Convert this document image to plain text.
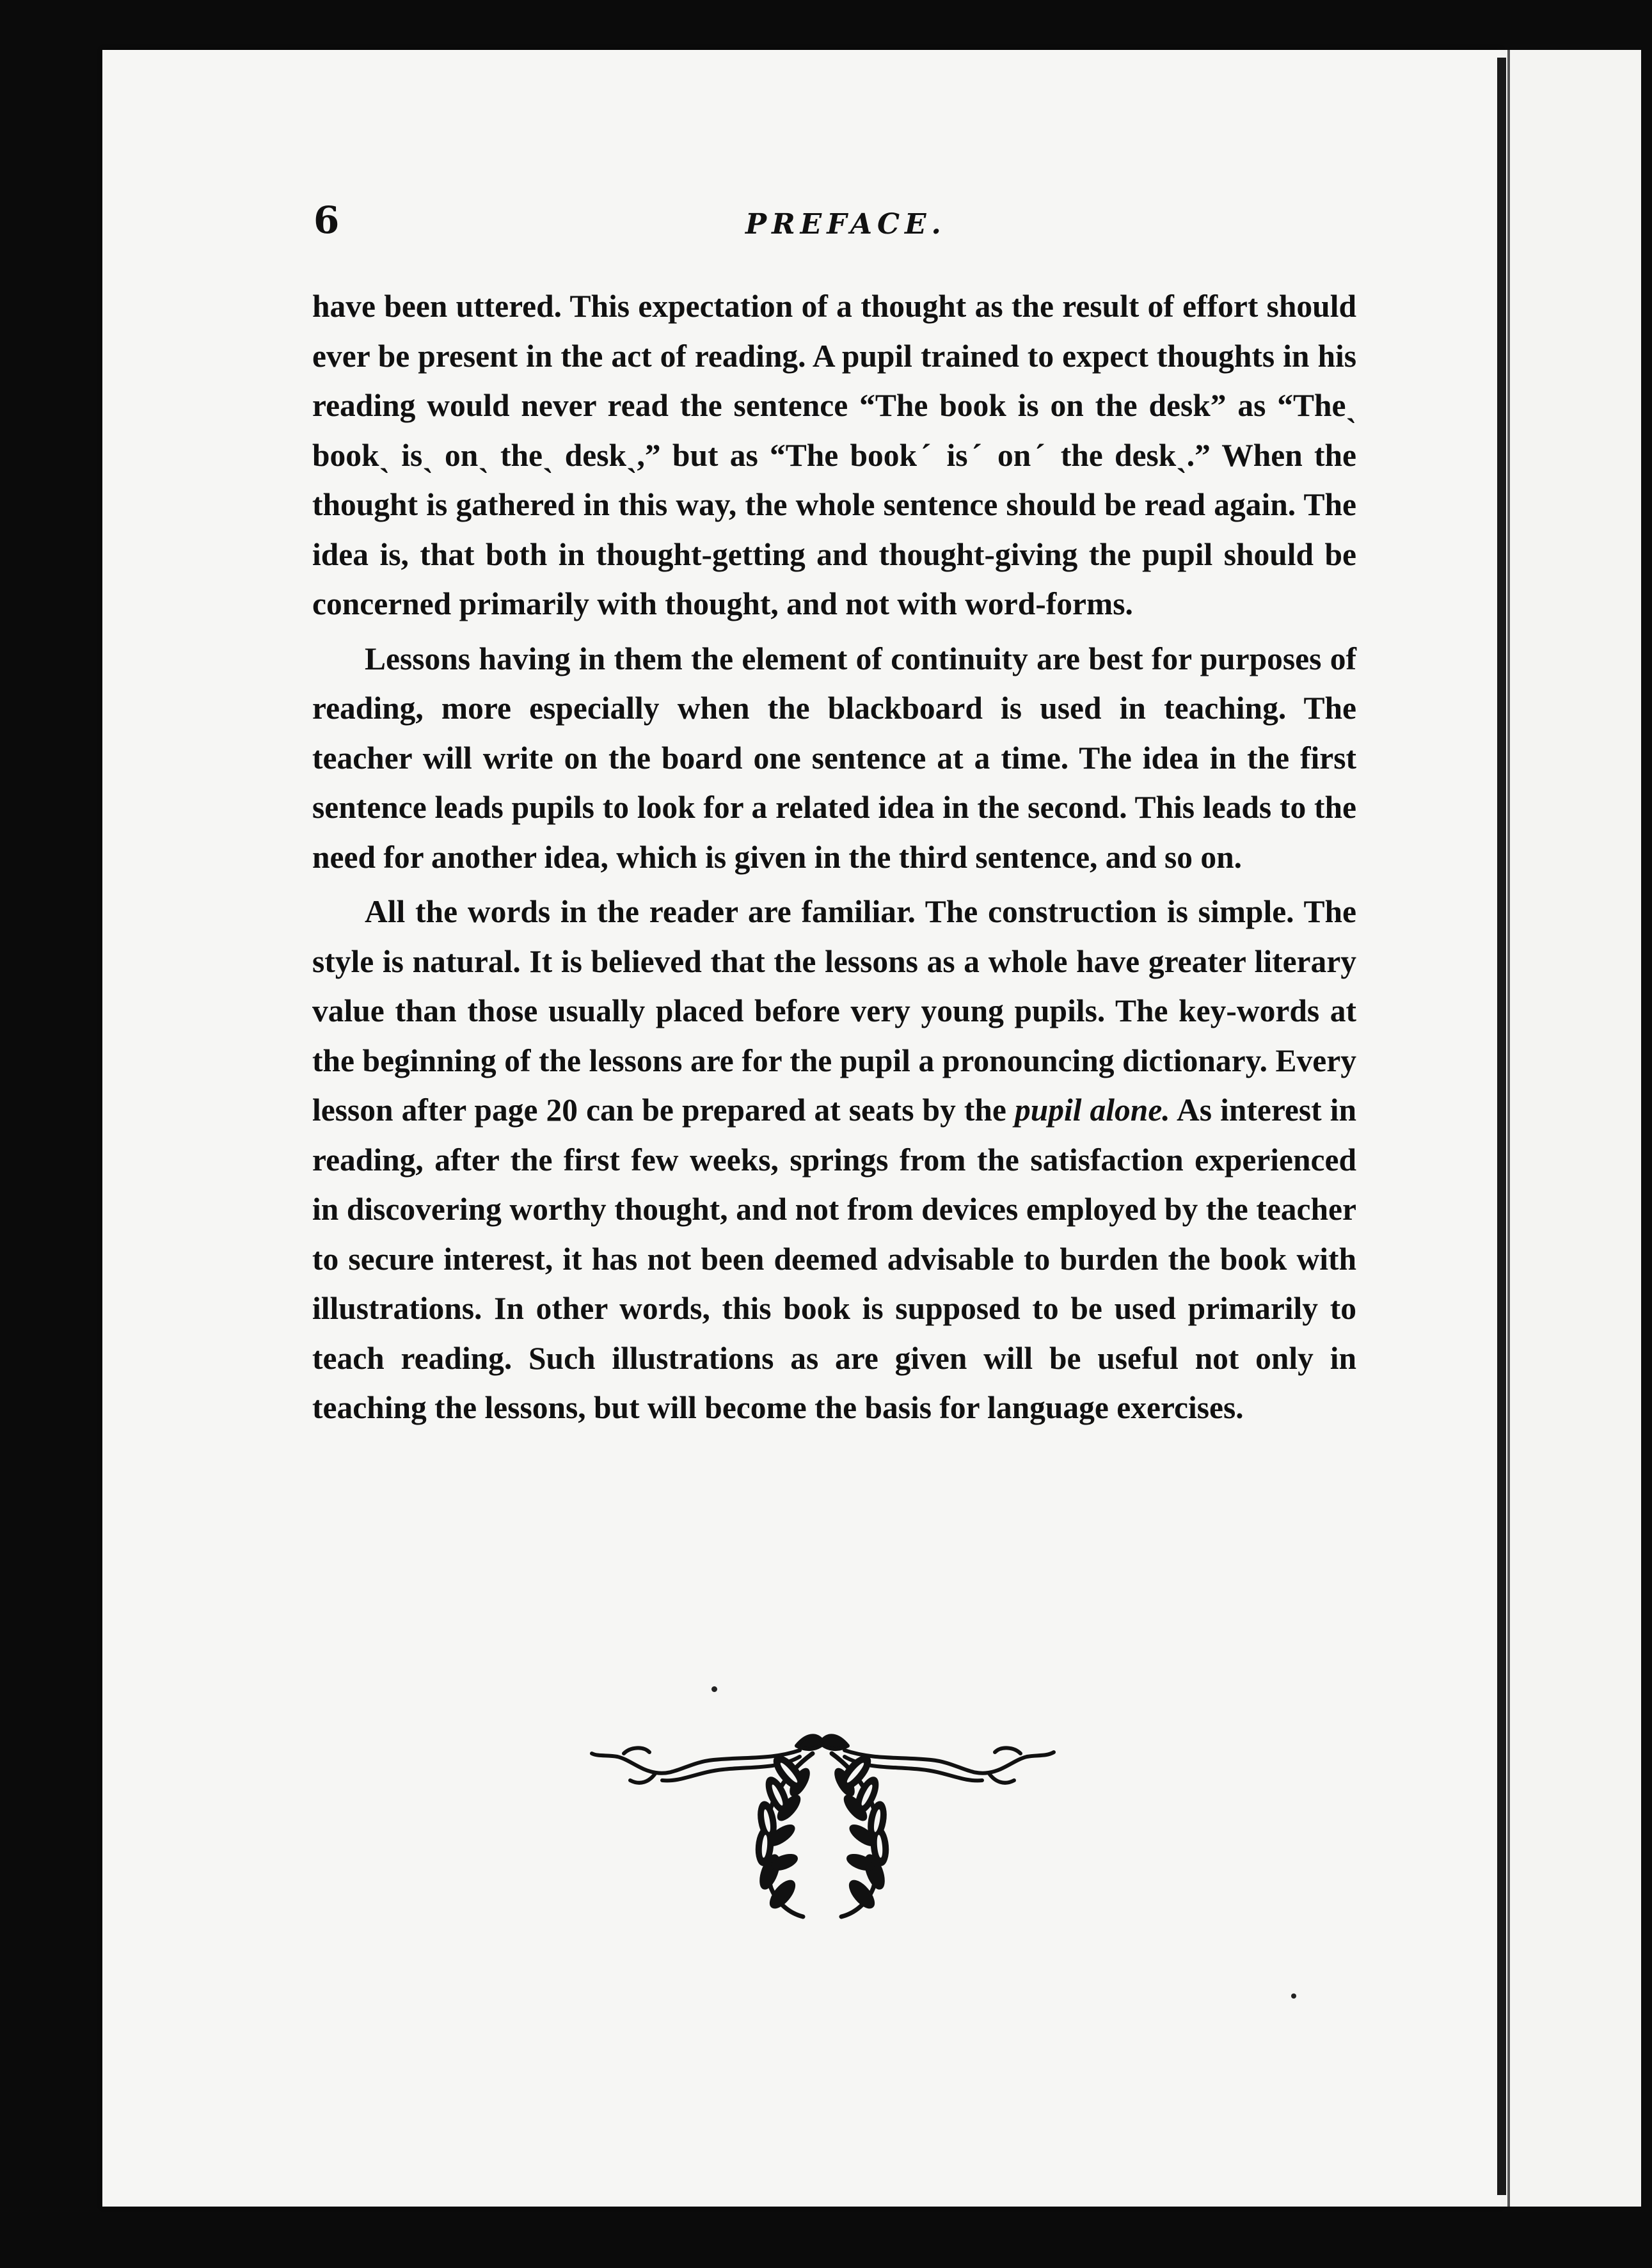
6	PREFACE.

have been uttered. This expectation of a thought as the result of effort should ever be present in the act of reading. A pupil trained to expect thoughts in his reading would never read the sentence “The book is on the desk” as “Theˎ bookˎ isˎ onˎ theˎ deskˎ,” but as “The bookˊ isˊ onˊ the deskˎ.” When the thought is gathered in this way, the whole sentence should be read again. The idea is, that both in thought-getting and thought-giving the pupil should be concerned primarily with thought, and not with word-forms.

Lessons having in them the element of continuity are best for purposes of reading, more especially when the blackboard is used in teaching. The teacher will write on the board one sentence at a time. The idea in the first sentence leads pupils to look for a related idea in the second. This leads to the need for another idea, which is given in the third sentence, and so on.

All the words in the reader are familiar. The construction is simple. The style is natural. It is believed that the lessons as a whole have greater literary value than those usually placed before very young pupils. The key-words at the beginning of the lessons are for the pupil a pronouncing dictionary. Every lesson after page 20 can be prepared at seats by the pupil alone. As interest in reading, after the first few weeks, springs from the satisfaction experienced in discovering worthy thought, and not from devices employed by the teacher to secure interest, it has not been deemed advisable to burden the book with illustrations. In other words, this book is supposed to be used primarily to teach reading. Such illustrations as are given will be useful not only in teaching the lessons, but will become the basis for language exercises.
